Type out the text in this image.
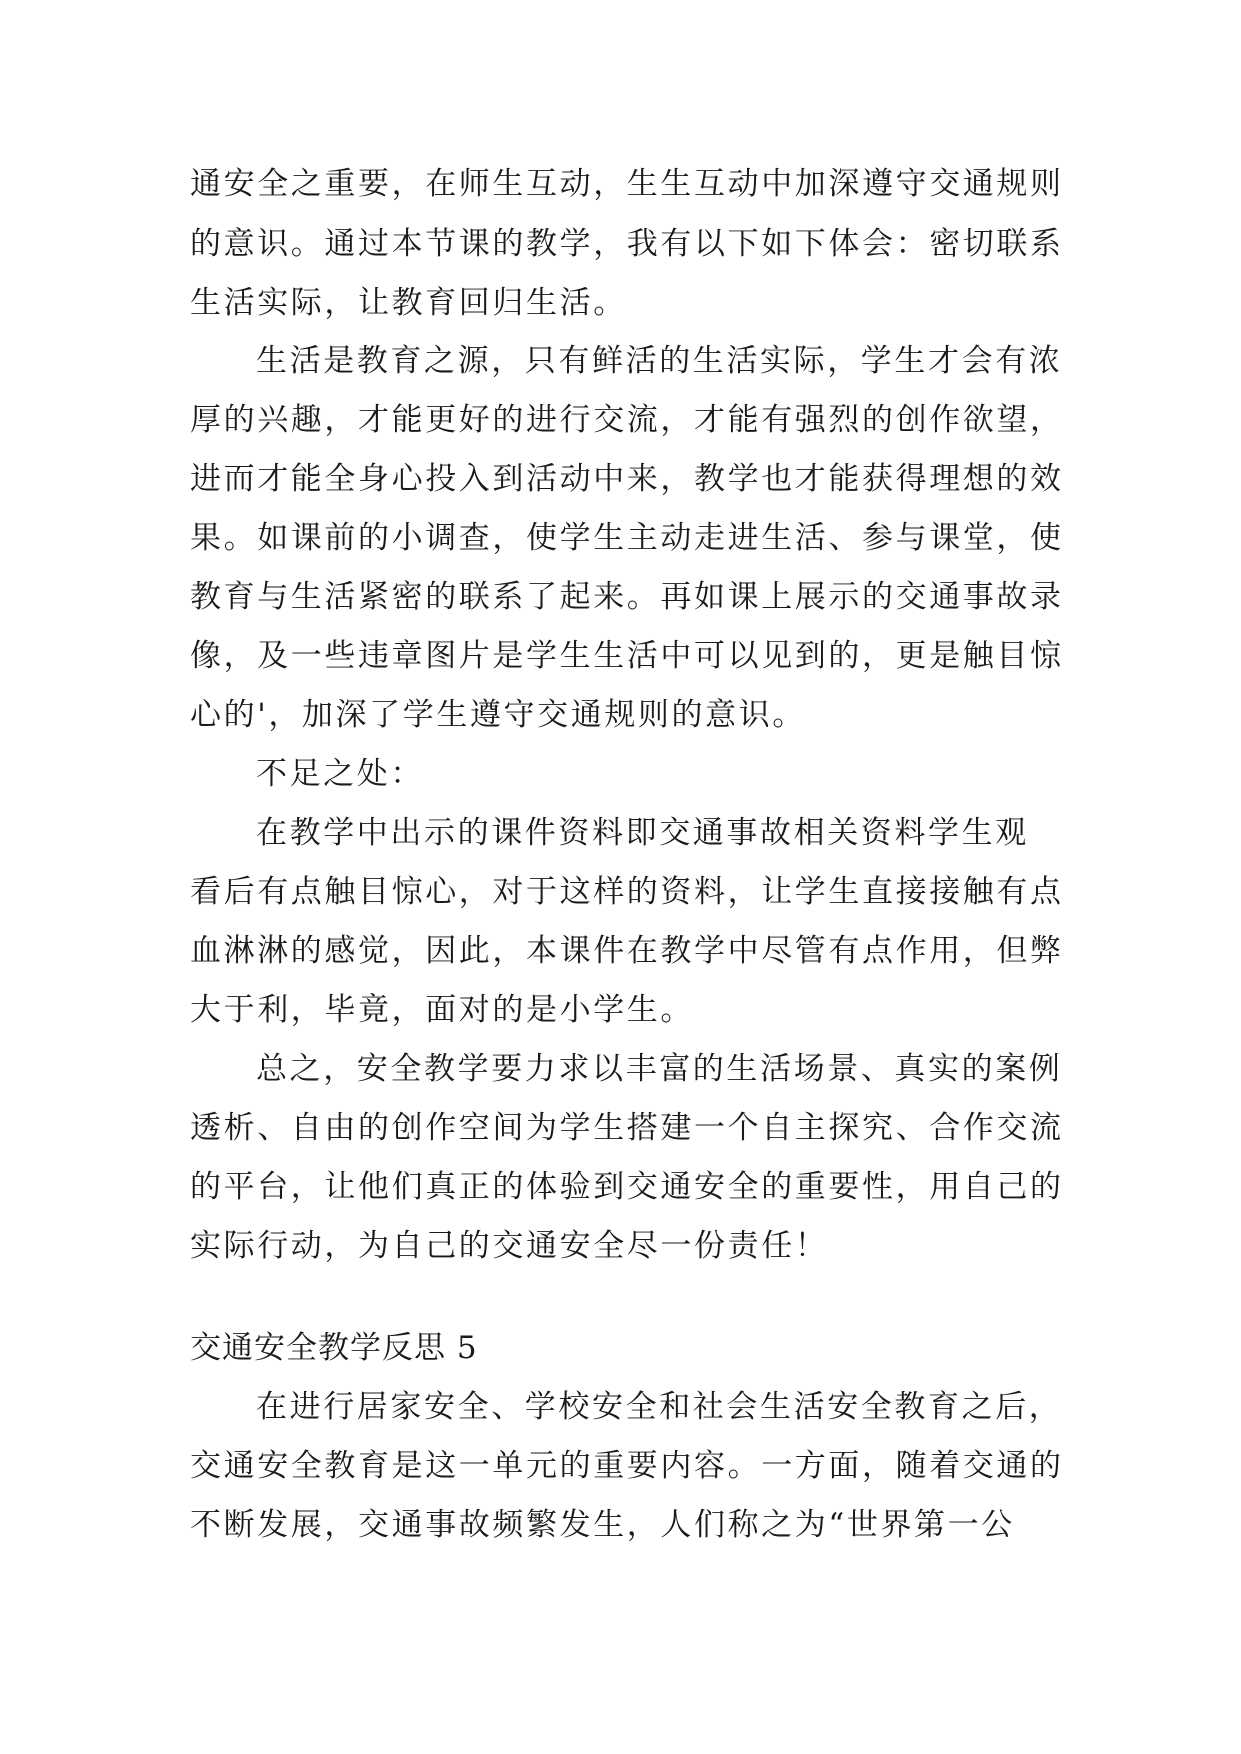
通安全之重要，在师生互动，生生互动中加深遵守交通规则

的意识。通过本节课的教学，我有以下如下体会：密切联系

生活实际，让教育回归生活。

生活是教育之源，只有鲜活的生活实际，学生才会有浓

厚的兴趣，才能更好的进行交流，才能有强烈的创作欲望，

进而才能全身心投入到活动中来，教学也才能获得理想的效

果。如课前的小调查，使学生主动走进生活、参与课堂，使

教育与生活紧密的联系了起来。再如课上展示的交通事故录

像，及一些违章图片是学生生活中可以见到的，更是触目惊

心的'，加深了学生遵守交通规则的意识。

不足之处：

在教学中出示的课件资料即交通事故相关资料学生观

看后有点触目惊心，对于这样的资料，让学生直接接触有点

血淋淋的感觉，因此，本课件在教学中尽管有点作用，但弊

大于利，毕竟，面对的是小学生。

总之，安全教学要力求以丰富的生活场景、真实的案例

透析、自由的创作空间为学生搭建一个自主探究、合作交流

的平台，让他们真正的体验到交通安全的重要性，用自己的

实际行动，为自己的交通安全尽一份责任！

交通安全教学反思 5

在进行居家安全、学校安全和社会生活安全教育之后，

交通安全教育是这一单元的重要内容。一方面，随着交通的

不断发展，交通事故频繁发生，人们称之为“世界第一公
